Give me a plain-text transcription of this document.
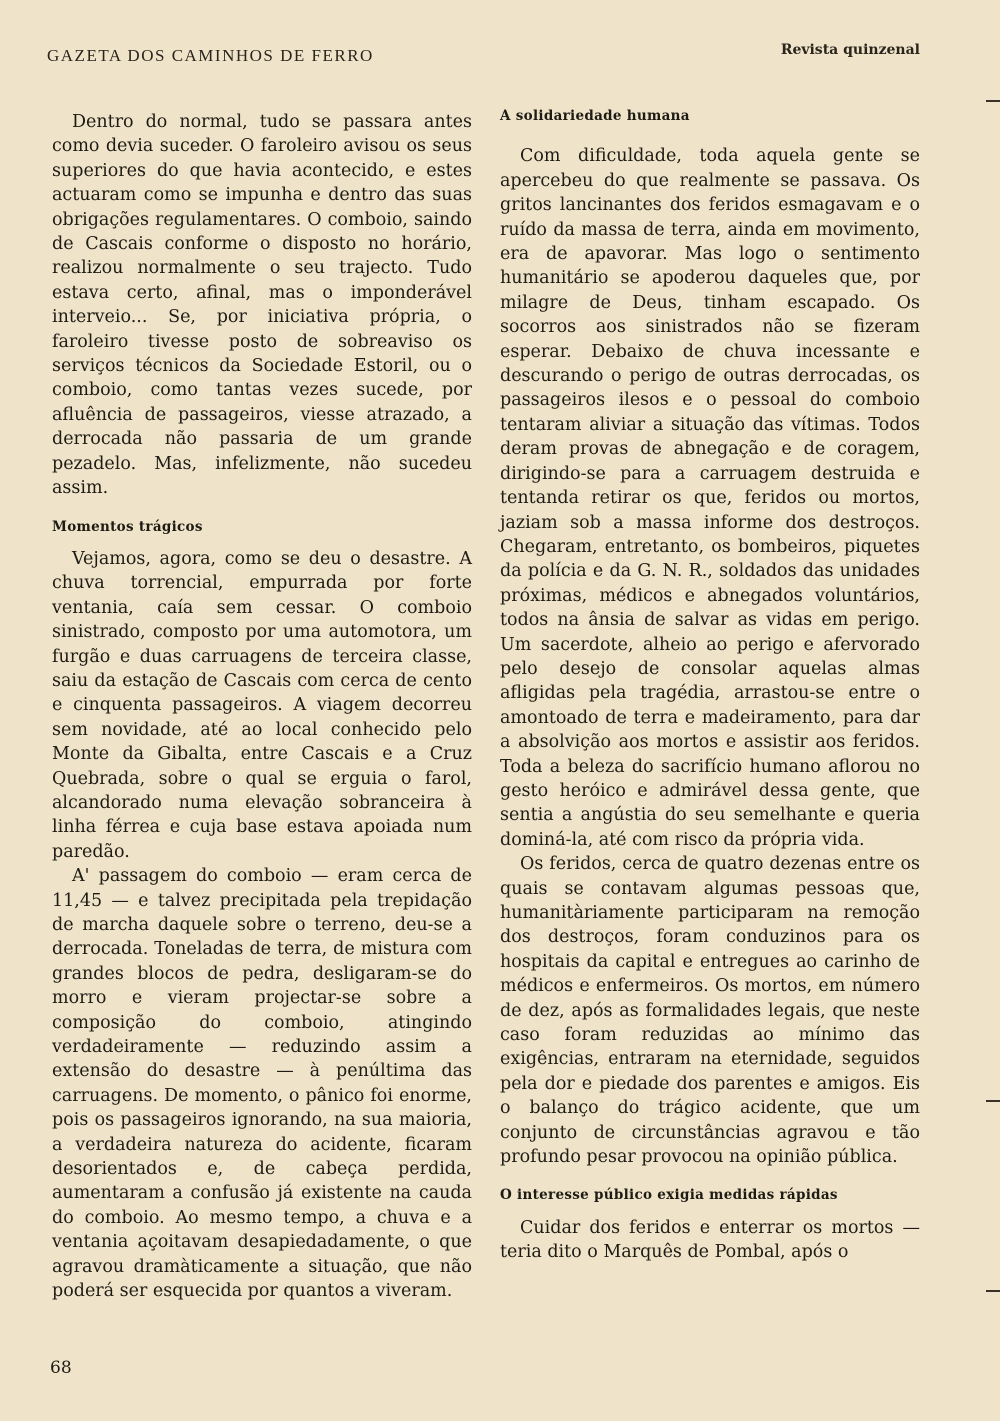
GAZETA DOS CAMINHOS DE FERRO	Revista quinzenal

Dentro do normal, tudo se passara antes como devia suceder. O faroleiro avisou os seus superiores do que havia acontecido, e estes actuaram como se impunha e dentro das suas obrigações regulamentares. O comboio, saindo de Cascais conforme o disposto no horário, realizou normalmente o seu trajecto. Tudo estava certo, afinal, mas o imponderável interveio... Se, por iniciativa própria, o faroleiro tivesse posto de sobreaviso os serviços técnicos da Sociedade Estoril, ou o comboio, como tantas vezes sucede, por afluência de passageiros, viesse atrazado, a derrocada não passaria de um grande pezadelo. Mas, infelizmente, não sucedeu assim.

Momentos trágicos

Vejamos, agora, como se deu o desastre. A chuva torrencial, empurrada por forte ventania, caía sem cessar. O comboio sinistrado, composto por uma automotora, um furgão e duas carruagens de terceira classe, saiu da estação de Cascais com cerca de cento e cinquenta passageiros. A viagem decorreu sem novidade, até ao local conhecido pelo Monte da Gibalta, entre Cascais e a Cruz Quebrada, sobre o qual se erguia o farol, alcandorado numa elevação sobranceira à linha férrea e cuja base estava apoiada num paredão.

A' passagem do comboio — eram cerca de 11,45 — e talvez precipitada pela trepidação de marcha daquele sobre o terreno, deu-se a derrocada. Toneladas de terra, de mistura com grandes blocos de pedra, desligaram-se do morro e vieram projectar-se sobre a composição do comboio, atingindo verdadeiramente — reduzindo assim a extensão do desastre — à penúltima das carruagens. De momento, o pânico foi enorme, pois os passageiros ignorando, na sua maioria, a verdadeira natureza do acidente, ficaram desorientados e, de cabeça perdida, aumentaram a confusão já existente na cauda do comboio. Ao mesmo tempo, a chuva e a ventania açoitavam desapiedadamente, o que agravou dramàticamente a situação, que não poderá ser esquecida por quantos a viveram.

A solidariedade humana

Com dificuldade, toda aquela gente se apercebeu do que realmente se passava. Os gritos lancinantes dos feridos esmagavam e o ruído da massa de terra, ainda em movimento, era de apavorar. Mas logo o sentimento humanitário se apoderou daqueles que, por milagre de Deus, tinham escapado. Os socorros aos sinistrados não se fizeram esperar. Debaixo de chuva incessante e descurando o perigo de outras derrocadas, os passageiros ilesos e o pessoal do comboio tentaram aliviar a situação das vítimas. Todos deram provas de abnegação e de coragem, dirigindo-se para a carruagem destruida e tentanda retirar os que, feridos ou mortos, jaziam sob a massa informe dos destroços. Chegaram, entretanto, os bombeiros, piquetes da polícia e da G. N. R., soldados das unidades próximas, médicos e abnegados voluntários, todos na ânsia de salvar as vidas em perigo. Um sacerdote, alheio ao perigo e afervorado pelo desejo de consolar aquelas almas afligidas pela tragédia, arrastou-se entre o amontoado de terra e madeiramento, para dar a absolvição aos mortos e assistir aos feridos. Toda a beleza do sacrifício humano aflorou no gesto heróico e admirável dessa gente, que sentia a angústia do seu semelhante e queria dominá-la, até com risco da própria vida.

Os feridos, cerca de quatro dezenas entre os quais se contavam algumas pessoas que, humanitàriamente participaram na remoção dos destroços, foram conduzinos para os hospitais da capital e entregues ao carinho de médicos e enfermeiros. Os mortos, em número de dez, após as formalidades legais, que neste caso foram reduzidas ao mínimo das exigências, entraram na eternidade, seguidos pela dor e piedade dos parentes e amigos. Eis o balanço do trágico acidente, que um conjunto de circunstâncias agravou e tão profundo pesar provocou na opinião pública.

O interesse público exigia medidas rápidas

Cuidar dos feridos e enterrar os mortos — teria dito o Marquês de Pombal, após o

68
